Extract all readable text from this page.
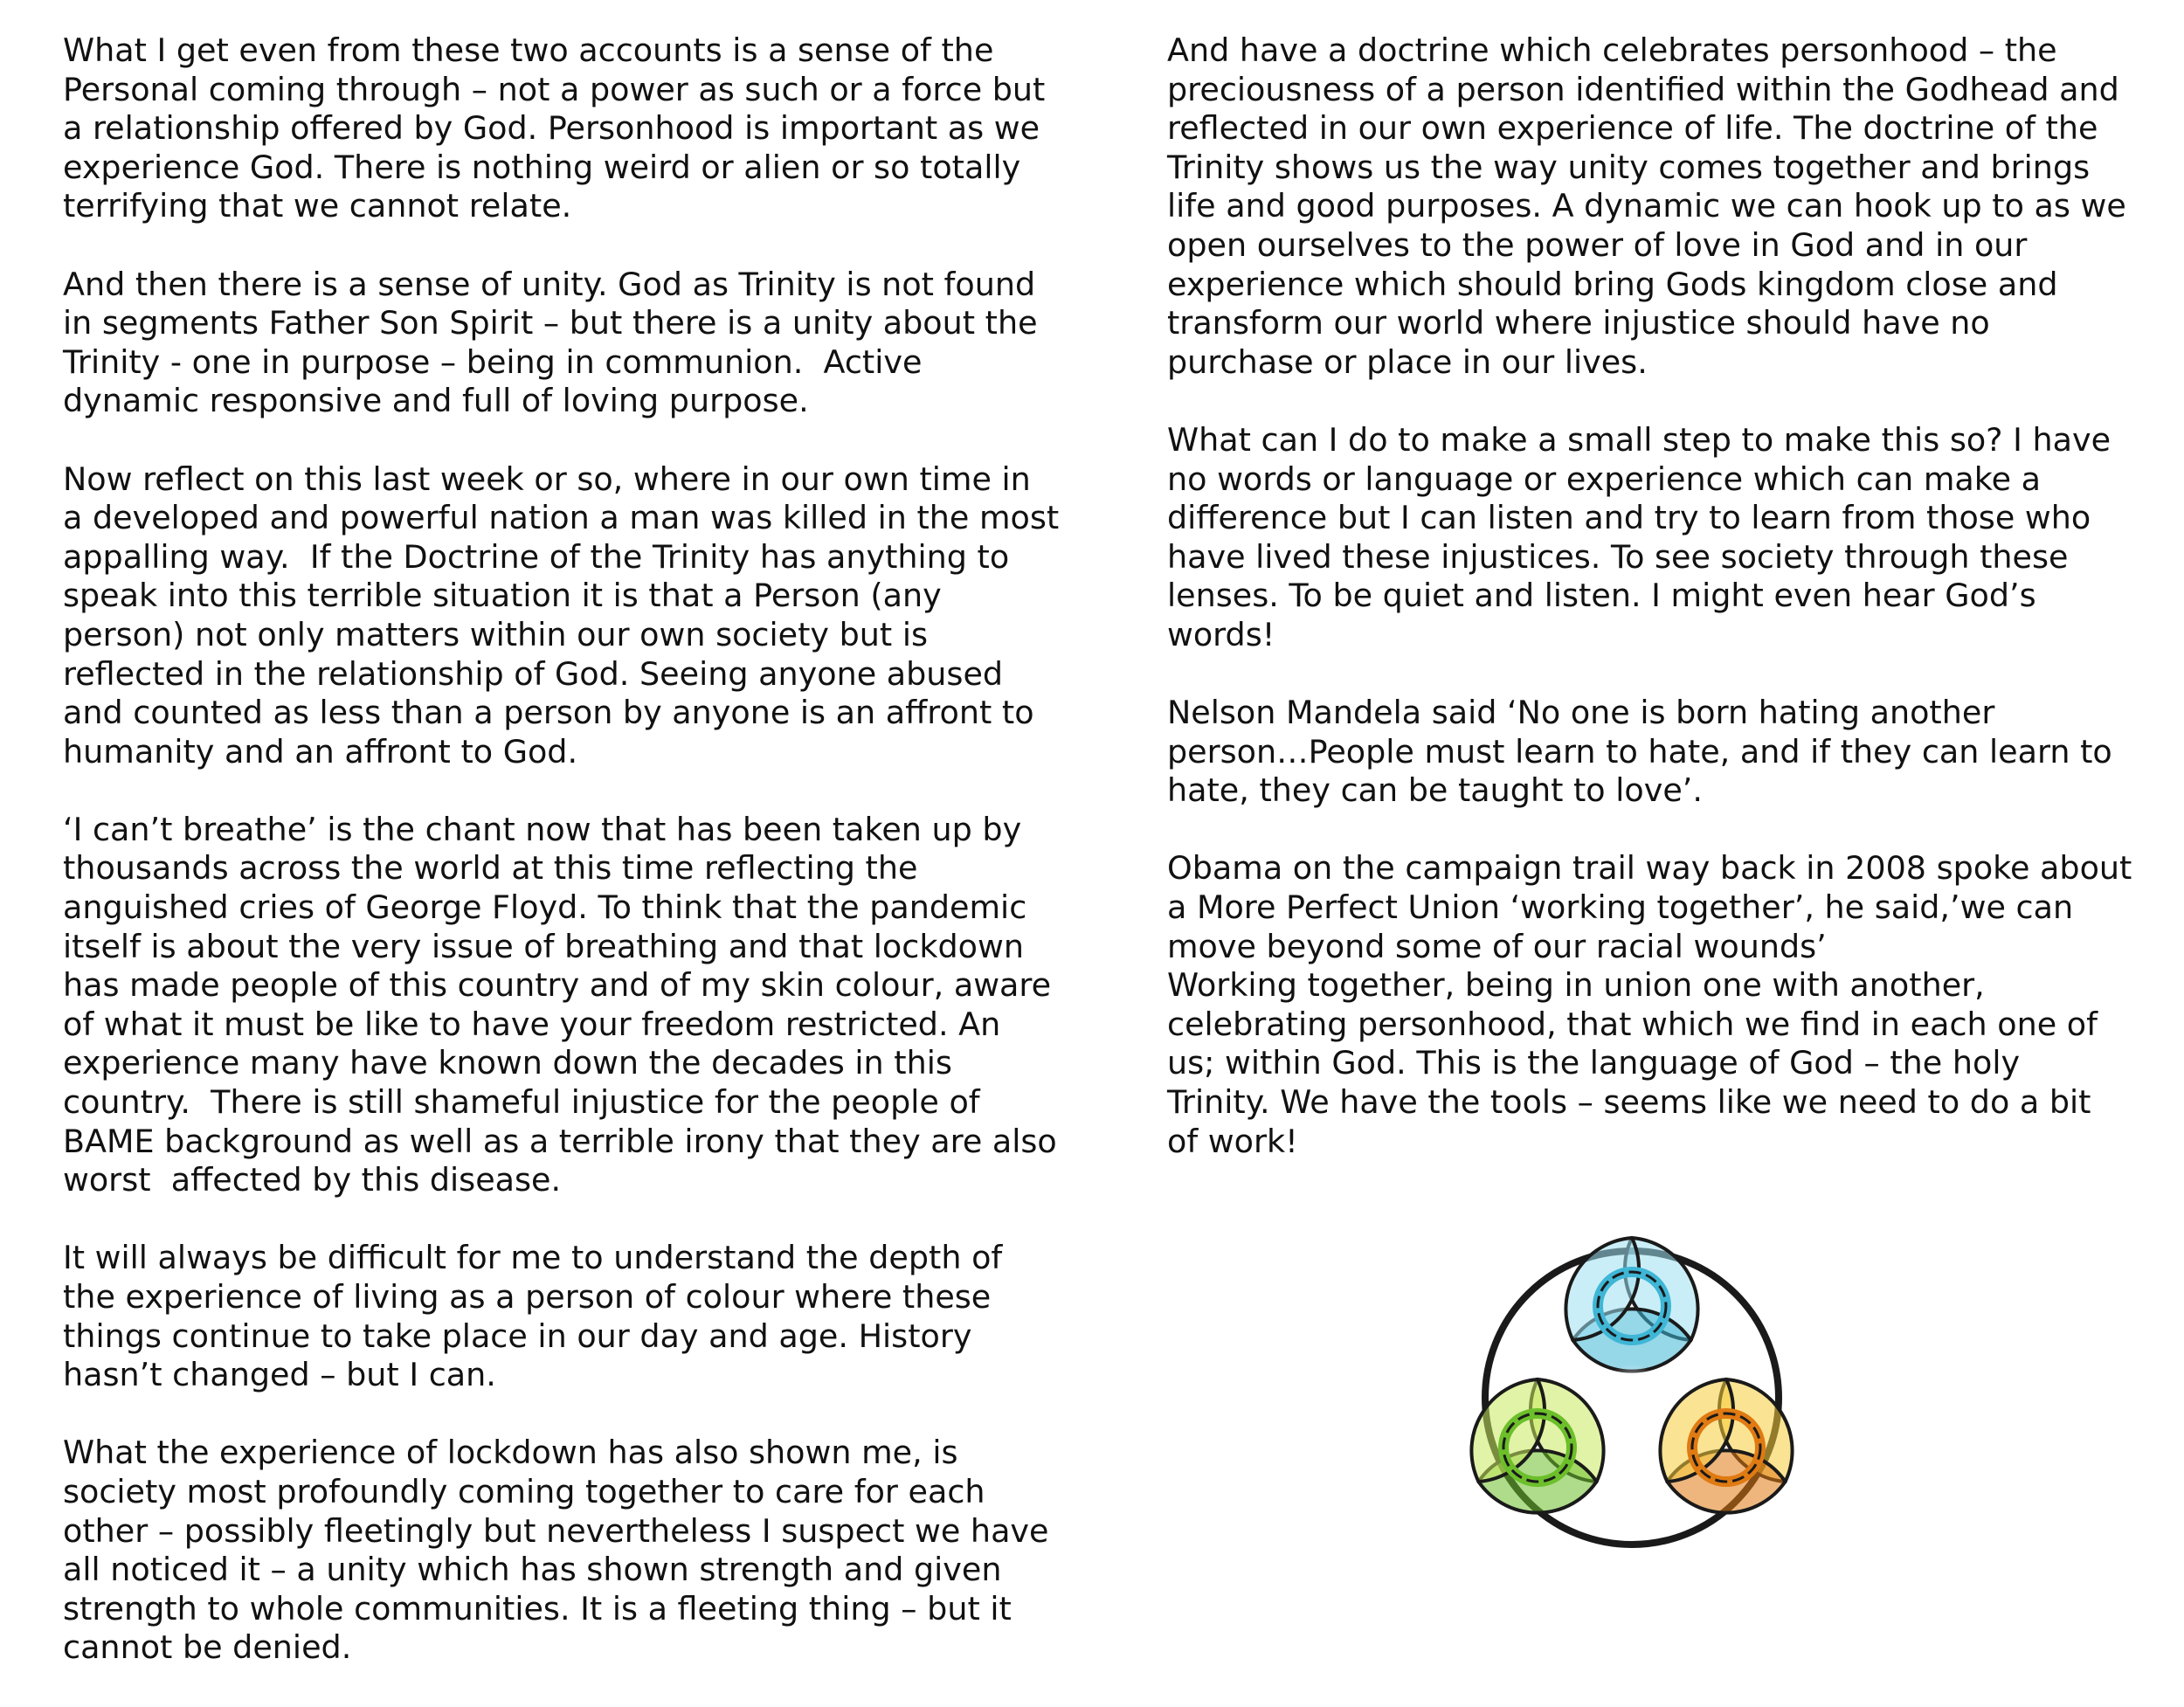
What I get even from these two accounts is a sense of the
Personal coming through – not a power as such or a force but
a relationship offered by God. Personhood is important as we
experience God. There is nothing weird or alien or so totally
terrifying that we cannot relate.
And then there is a sense of unity. God as Trinity is not found
in segments Father Son Spirit – but there is a unity about the
Trinity - one in purpose – being in communion.  Active
dynamic responsive and full of loving purpose.
Now reflect on this last week or so, where in our own time in
a developed and powerful nation a man was killed in the most
appalling way.  If the Doctrine of the Trinity has anything to
speak into this terrible situation it is that a Person (any
person) not only matters within our own society but is
reflected in the relationship of God. Seeing anyone abused
and counted as less than a person by anyone is an affront to
humanity and an affront to God.
‘I can’t breathe’ is the chant now that has been taken up by
thousands across the world at this time reflecting the
anguished cries of George Floyd. To think that the pandemic
itself is about the very issue of breathing and that lockdown
has made people of this country and of my skin colour, aware
of what it must be like to have your freedom restricted. An
experience many have known down the decades in this
country.  There is still shameful injustice for the people of
BAME background as well as a terrible irony that they are also
worst  affected by this disease.
It will always be difficult for me to understand the depth of
the experience of living as a person of colour where these
things continue to take place in our day and age. History
hasn’t changed – but I can.
What the experience of lockdown has also shown me, is
society most profoundly coming together to care for each
other – possibly fleetingly but nevertheless I suspect we have
all noticed it – a unity which has shown strength and given
strength to whole communities. It is a fleeting thing – but it
cannot be denied.
And have a doctrine which celebrates personhood – the
preciousness of a person identified within the Godhead and
reflected in our own experience of life. The doctrine of the
Trinity shows us the way unity comes together and brings
life and good purposes. A dynamic we can hook up to as we
open ourselves to the power of love in God and in our
experience which should bring Gods kingdom close and
transform our world where injustice should have no
purchase or place in our lives.
What can I do to make a small step to make this so? I have
no words or language or experience which can make a
difference but I can listen and try to learn from those who
have lived these injustices. To see society through these
lenses. To be quiet and listen. I might even hear God’s
words!
Nelson Mandela said ‘No one is born hating another
person…People must learn to hate, and if they can learn to
hate, they can be taught to love’.
Obama on the campaign trail way back in 2008 spoke about
a More Perfect Union ‘working together’, he said,’we can
move beyond some of our racial wounds’
Working together, being in union one with another,
celebrating personhood, that which we find in each one of
us; within God. This is the language of God – the holy
Trinity. We have the tools – seems like we need to do a bit
of work!
